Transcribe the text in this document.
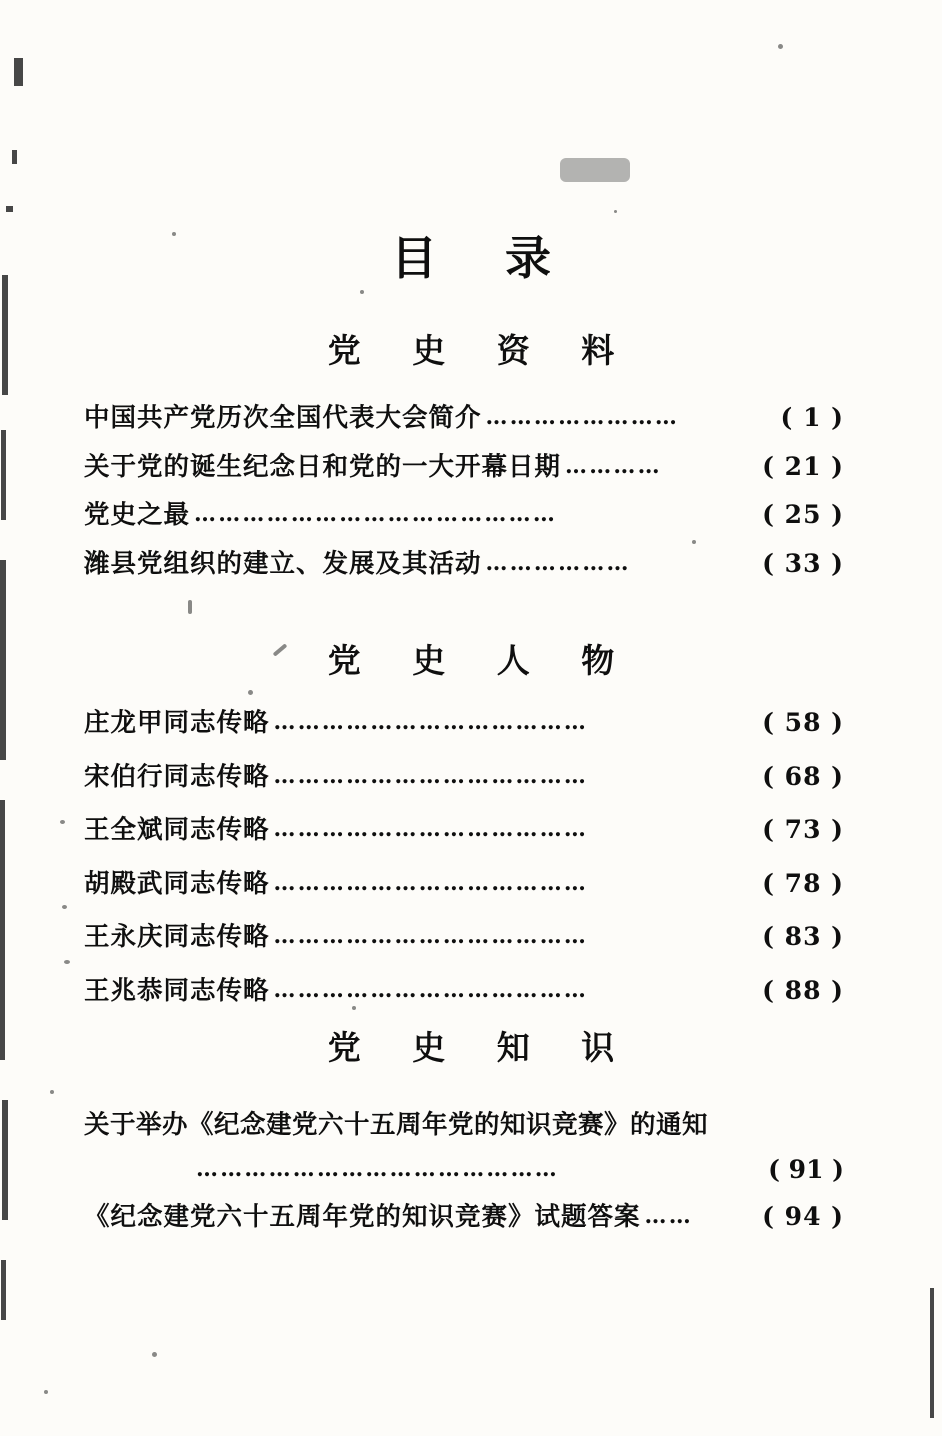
目 录
党 史 资 料
中国共产党历次全国代表大会简介 ……………………	( 1 )
关于党的诞生纪念日和党的一大开幕日期 …………	( 21 )
党史之最 ………………………………………	( 25 )
潍县党组织的建立、发展及其活动 ………………	( 33 )
党 史 人 物
庄龙甲同志传略 …………………………………	( 58 )
宋伯行同志传略 …………………………………	( 68 )
王全斌同志传略 …………………………………	( 73 )
胡殿武同志传略 …………………………………	( 78 )
王永庆同志传略 …………………………………	( 83 )
王兆恭同志传略 …………………………………	( 88 )
党 史 知 识
关于举办《纪念建党六十五周年党的知识竞赛》的通知
………………………………………	( 91 )
《纪念建党六十五周年党的知识竞赛》试题答案 ……	( 94 )
